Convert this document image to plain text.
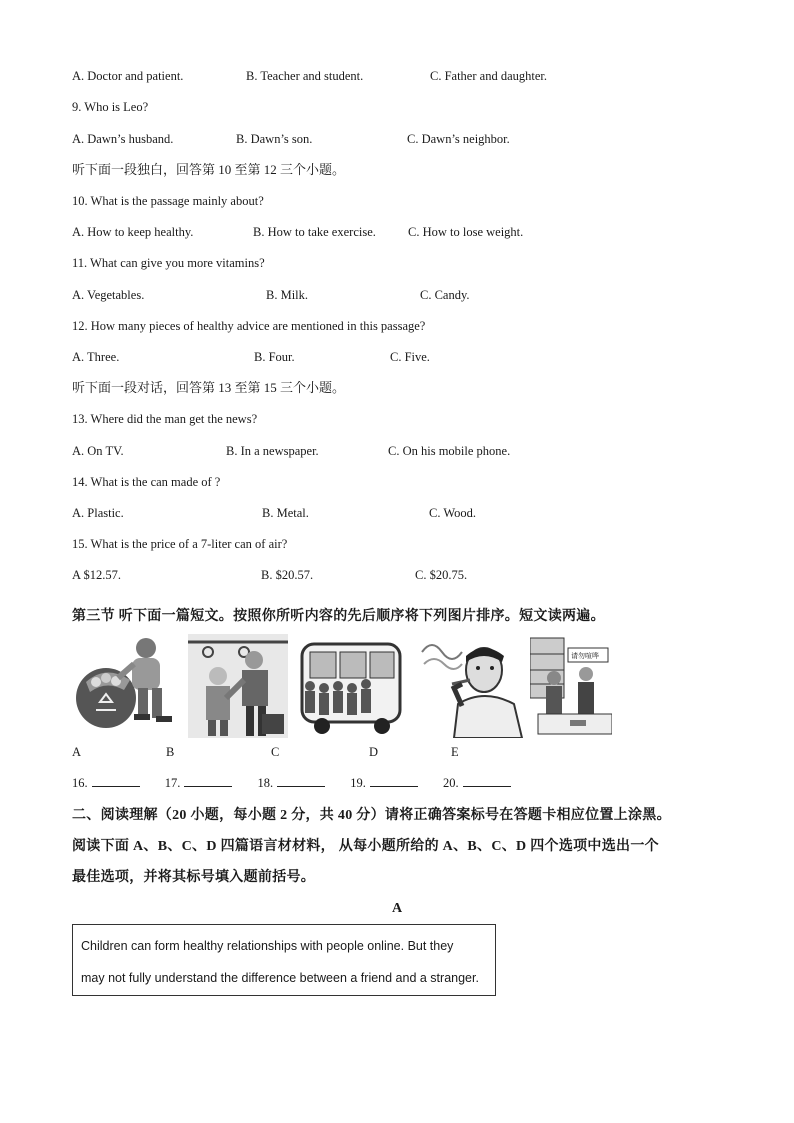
A. Doctor and patient.	B. Teacher and student.	C. Father and daughter.
9. Who is Leo?
A. Dawn’s husband.	B. Dawn’s son.	C. Dawn’s neighbor.
听下面一段独白，回答第 10 至第 12 三个小题。
10. What is the passage mainly about?
A. How to keep healthy.	B. How to take exercise.	C. How to lose weight.
11. What can give you more vitamins?
A. Vegetables.	B. Milk.	C. Candy.
12. How many pieces of healthy advice are mentioned in this passage?
A. Three.	B. Four.	C. Five.
听下面一段对话，回答第 13 至第 15 三个小题。
13. Where did the man get the news?
A. On TV.	B. In a newspaper.	C. On his mobile phone.
14. What is the can made of ?
A. Plastic.	B. Metal.	C. Wood.
15. What is the price of a 7-liter can of air?
A $12.57.	B. $20.57.	C. $20.75.
第三节 听下面一篇短文。按照你所听内容的先后顺序将下列图片排序。短文读两遍。
请勿喧哗
A	B	C	D	E
16.	17.	18.	19.	20.
二、阅读理解（20 小题，每小题 2 分，共 40 分）请将正确答案标号在答题卡相应位置上涂黑。
阅读下面 A、B、C、D 四篇语言材材料， 从每小题所给的 A、B、C、D 四个选项中选出一个
最佳选项，并将其标号填入题前括号。
A

Children can form healthy relationships with people online. But they

may not fully understand the difference between a friend and a stranger.
